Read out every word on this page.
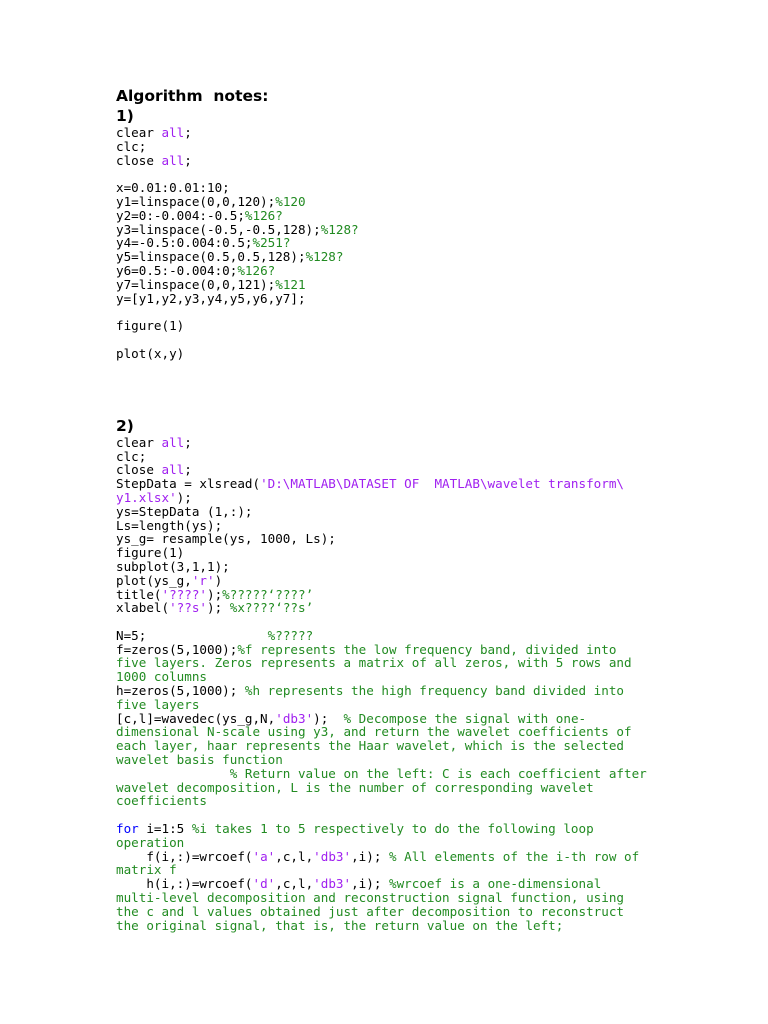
Algorithm  notes:
1)
clear all;
clc;
close all;
x=0.01:0.01:10;
y1=linspace(0,0,120);%120
y2=0:-0.004:-0.5;%126?
y3=linspace(-0.5,-0.5,128);%128?
y4=-0.5:0.004:0.5;%251?
y5=linspace(0.5,0.5,128);%128?
y6=0.5:-0.004:0;%126?
y7=linspace(0,0,121);%121
y=[y1,y2,y3,y4,y5,y6,y7];
figure(1)
plot(x,y)
2)
clear all;
clc;
close all;
StepData = xlsread('D:\MATLAB\DATASET OF  MATLAB\wavelet transform\
y1.xlsx');
ys=StepData (1,:);
Ls=length(ys);
ys_g= resample(ys, 1000, Ls);
figure(1)
subplot(3,1,1);
plot(ys_g,'r')
title('????');%?????‘????’
xlabel('??s'); %x????‘??s’
N=5;                %?????
f=zeros(5,1000);%f represents the low frequency band, divided into
five layers. Zeros represents a matrix of all zeros, with 5 rows and
1000 columns
h=zeros(5,1000); %h represents the high frequency band divided into
five layers
[c,l]=wavedec(ys_g,N,'db3');  % Decompose the signal with one-
dimensional N-scale using y3, and return the wavelet coefficients of
each layer, haar represents the Haar wavelet, which is the selected
wavelet basis function
% Return value on the left: C is each coefficient after
wavelet decomposition, L is the number of corresponding wavelet
coefficients
for i=1:5 %i takes 1 to 5 respectively to do the following loop
operation
f(i,:)=wrcoef('a',c,l,'db3',i); % All elements of the i-th row of
matrix f
h(i,:)=wrcoef('d',c,l,'db3',i); %wrcoef is a one-dimensional
multi-level decomposition and reconstruction signal function, using
the c and l values obtained just after decomposition to reconstruct
the original signal, that is, the return value on the left;
